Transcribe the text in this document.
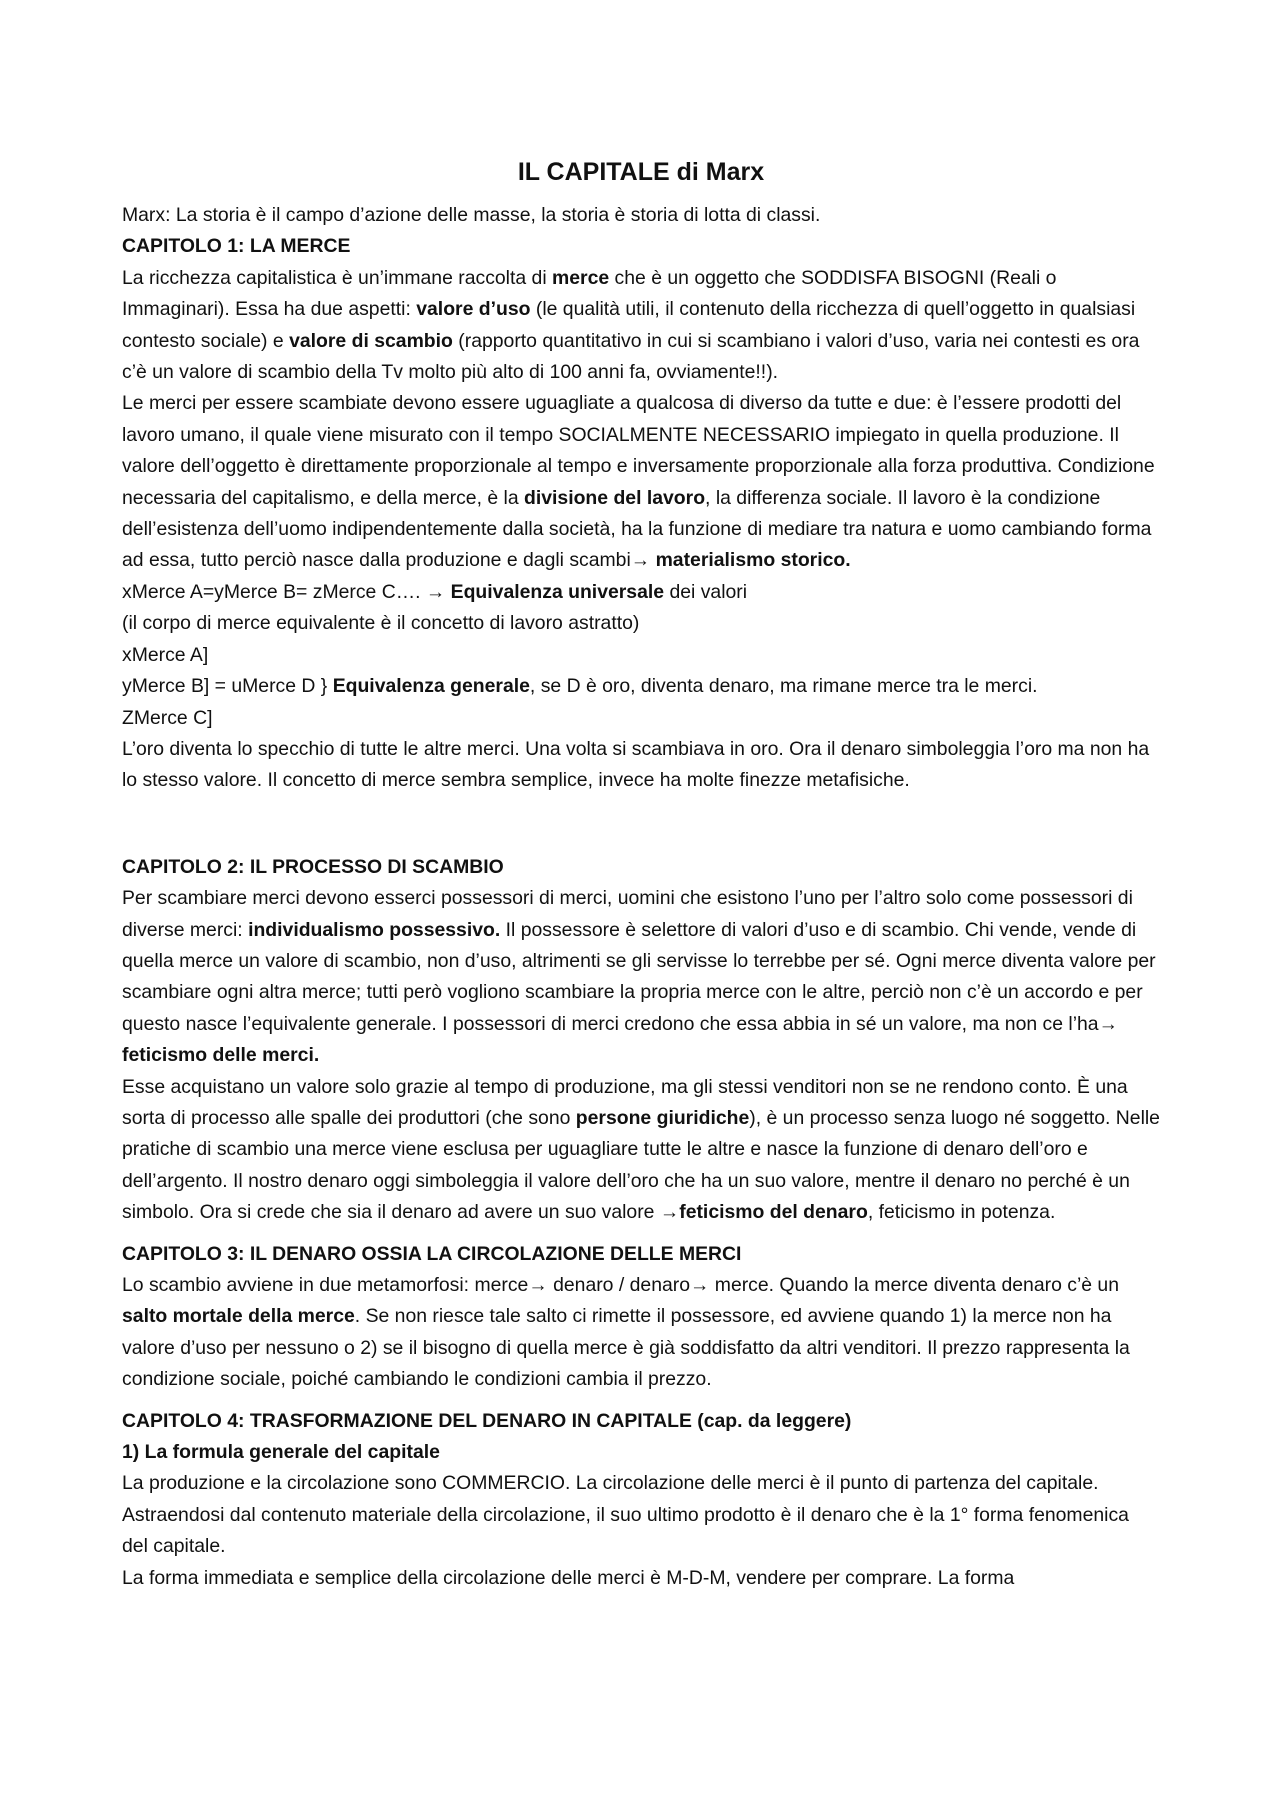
IL CAPITALE di Marx

Marx: La storia è il campo d’azione delle masse, la storia è storia di lotta di classi.

CAPITOLO 1: LA MERCE

La ricchezza capitalistica è un’immane raccolta di merce che è un oggetto che SODDISFA BISOGNI (Reali o Immaginari). Essa ha due aspetti: valore d’uso (le qualità utili, il contenuto della ricchezza di quell’oggetto in qualsiasi contesto sociale) e valore di scambio (rapporto quantitativo in cui si scambiano i valori d’uso, varia nei contesti es ora c’è un valore di scambio della Tv molto più alto di 100 anni fa, ovviamente!!).

Le merci per essere scambiate devono essere uguagliate a qualcosa di diverso da tutte e due: è l’essere prodotti del lavoro umano, il quale viene misurato con il tempo SOCIALMENTE NECESSARIO impiegato in quella produzione. Il valore dell’oggetto è direttamente proporzionale al tempo e inversamente proporzionale alla forza produttiva. Condizione necessaria del capitalismo, e della merce, è la divisione del lavoro, la differenza sociale. Il lavoro è la condizione dell’esistenza dell’uomo indipendentemente dalla società, ha la funzione di mediare tra natura e uomo cambiando forma ad essa, tutto perciò nasce dalla produzione e dagli scambi→ materialismo storico.

xMerce A=yMerce B= zMerce C…. → Equivalenza universale dei valori

(il corpo di merce equivalente è il concetto di lavoro astratto)

xMerce A]

yMerce B] = uMerce D } Equivalenza generale, se D è oro, diventa denaro, ma rimane merce tra le merci.

ZMerce C]

L’oro diventa lo specchio di tutte le altre merci. Una volta si scambiava in oro. Ora il denaro simboleggia l’oro ma non ha lo stesso valore. Il concetto di merce sembra semplice, invece ha molte finezze metafisiche.

CAPITOLO 2: IL PROCESSO DI SCAMBIO

Per scambiare merci devono esserci possessori di merci, uomini che esistono l’uno per l’altro solo come possessori di diverse merci: individualismo possessivo. Il possessore è selettore di valori d’uso e di scambio. Chi vende, vende di quella merce un valore di scambio, non d’uso, altrimenti se gli servisse lo terrebbe per sé. Ogni merce diventa valore per scambiare ogni altra merce; tutti però vogliono scambiare la propria merce con le altre, perciò non c’è un accordo e per questo nasce l’equivalente generale. I possessori di merci credono che essa abbia in sé un valore, ma non ce l’ha→ feticismo delle merci.

Esse acquistano un valore solo grazie al tempo di produzione, ma gli stessi venditori non se ne rendono conto. È una sorta di processo alle spalle dei produttori (che sono persone giuridiche), è un processo senza luogo né soggetto. Nelle pratiche di scambio una merce viene esclusa per uguagliare tutte le altre e nasce la funzione di denaro dell’oro e dell’argento. Il nostro denaro oggi simboleggia il valore dell’oro che ha un suo valore, mentre il denaro no perché è un simbolo. Ora si crede che sia il denaro ad avere un suo valore →feticismo del denaro, feticismo in potenza.

CAPITOLO 3: IL DENARO OSSIA LA CIRCOLAZIONE DELLE MERCI

Lo scambio avviene in due metamorfosi: merce→ denaro / denaro→ merce. Quando la merce diventa denaro c’è un salto mortale della merce. Se non riesce tale salto ci rimette il possessore, ed avviene quando 1) la merce non ha valore d’uso per nessuno o 2) se il bisogno di quella merce è già soddisfatto da altri venditori. Il prezzo rappresenta la condizione sociale, poiché cambiando le condizioni cambia il prezzo.

CAPITOLO 4: TRASFORMAZIONE DEL DENARO IN CAPITALE (cap. da leggere)

1) La formula generale del capitale

La produzione e la circolazione sono COMMERCIO. La circolazione delle merci è il punto di partenza del capitale. Astraendosi dal contenuto materiale della circolazione, il suo ultimo prodotto è il denaro che è la 1° forma fenomenica del capitale.

La forma immediata e semplice della circolazione delle merci è M-D-M, vendere per comprare. La forma
